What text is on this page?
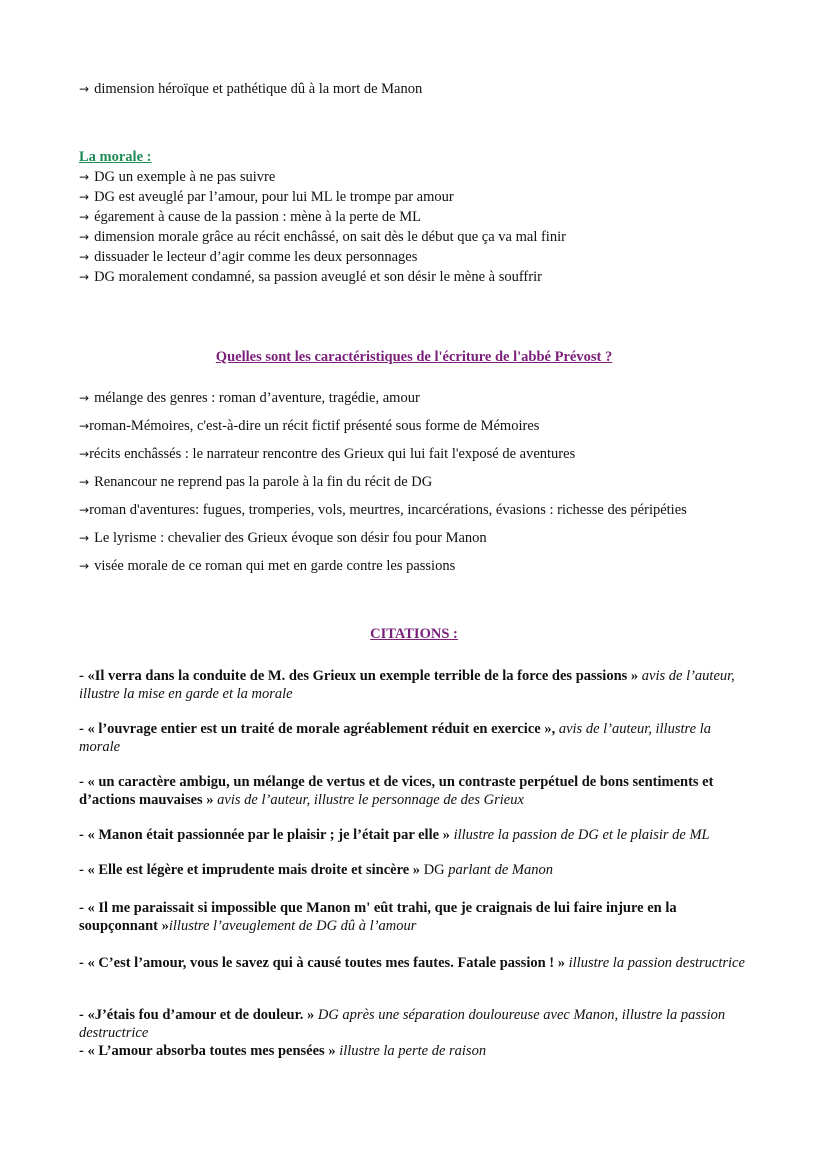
→ dimension héroïque et pathétique dû à la mort de Manon
La morale :
→ DG un exemple à ne pas suivre
→ DG est aveuglé par l’amour, pour lui ML le trompe par amour
→ égarement à cause de la passion : mène à la perte de ML
→ dimension morale grâce au récit enchâssé, on sait dès le début que ça va mal finir
→ dissuader le lecteur d’agir comme les deux personnages
→ DG moralement condamné, sa passion aveuglé et son désir le mène à souffrir
Quelles sont les caractéristiques de l'écriture de l'abbé Prévost ?
→ mélange des genres : roman d’aventure, tragédie, amour
→roman-Mémoires, c'est-à-dire un récit fictif présenté sous forme de Mémoires
→récits enchâssés : le narrateur rencontre des Grieux qui lui fait l'exposé de aventures
→ Renancour ne reprend pas la parole à la fin du récit de DG
→roman d'aventures: fugues, tromperies, vols, meurtres, incarcérations, évasions : richesse des péripéties
→ Le lyrisme : chevalier des Grieux évoque son désir fou pour Manon
→ visée morale de ce roman qui met en garde contre les passions
CITATIONS :
- «Il verra dans la conduite de M. des Grieux un exemple terrible de la force des passions » avis de l’auteur, illustre la mise en garde et la morale
- « l’ouvrage entier est un traité de morale agréablement réduit en exercice », avis de l’auteur, illustre la morale
- « un caractère ambigu, un mélange de vertus et de vices, un contraste perpétuel de bons sentiments et d’actions mauvaises » avis de l’auteur, illustre le personnage de des Grieux
- « Manon était passionnée par le plaisir ; je l’était par elle » illustre la passion de DG et le plaisir de ML
- « Elle est légère et imprudente mais droite et sincère » DG parlant de Manon
- « Il me paraissait si impossible que Manon m' eût trahi, que je craignais de lui faire injure en la soupçonnant »illustre l’aveuglement de DG dû à l’amour
- « C’est l’amour, vous le savez qui à causé toutes mes fautes. Fatale passion ! » illustre la passion destructrice
- «J’étais fou d’amour et de douleur. » DG après une séparation douloureuse avec Manon, illustre la passion destructrice
- « L’amour absorba toutes mes pensées » illustre la perte de raison
